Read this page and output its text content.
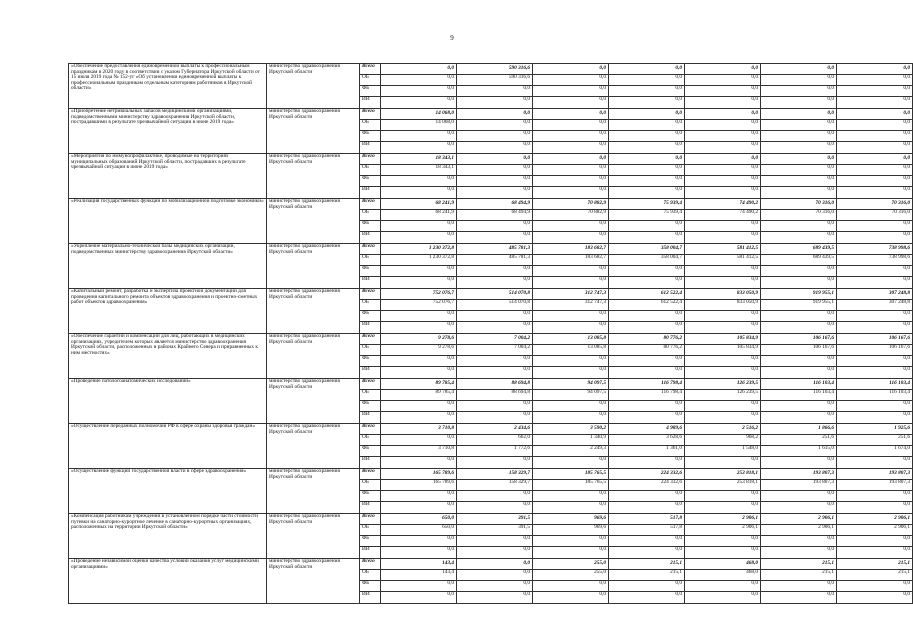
9
«Обеспечение предоставления единовременной выплаты к профессиональным праздникам в 2020 году в соответствии с указом Губернатора Иркутской области от 15 июля 2019 года № 152-уг «Об установлении единовременной выплаты к профессиональным праздникам отдельным категориям работников в Иркутской области»	министерство здравоохранения Иркутской области	Всего	0,0	590 316,6	0,0	0,0	0,0	0,0	0,0
		ОБ	0,0	590 316,6	0,0	0,0	0,0	0,0	0,0
		ФБ	0,0	0,0	0,0	0,0	0,0	0,0	0,0
		ИИ	0,0	0,0	0,0	0,0	0,0	0,0	0,0
«Приобретение нетривиальных запасов медицинскими организациями, подведомственными министерству здравоохранения Иркутской области, пострадавшими в результате чрезвычайной ситуации в июне 2019 года»	министерство здравоохранения Иркутской области	Всего	14 068,0	0,0	0,0	0,0	0,0	0,0	0,0
		ОБ	14 068,0	0,0	0,0	0,0	0,0	0,0	0,0
		ФБ	0,0	0,0	0,0	0,0	0,0	0,0	0,0
		ИИ	0,0	0,0	0,0	0,0	0,0	0,0	0,0
«Мероприятия по иммунопрофилактике, проводимые на территориях муниципальных образований Иркутской области, пострадавших в результате чрезвычайной ситуации в июне 2019 года»	министерство здравоохранения Иркутской области	Всего	18 343,1	0,0	0,0	0,0	0,0	0,0	0,0
		ОБ	18 343,1	0,0	0,0	0,0	0,0	0,0	0,0
		ФБ	0,0	0,0	0,0	0,0	0,0	0,0	0,0
		ИИ	0,0	0,0	0,0	0,0	0,0	0,0	0,0
«Реализация государственных функций по мобилизационной подготовке экономики»	министерство здравоохранения Иркутской области	Всего	68 241,9	68 494,9	70 882,9	75 939,4	74 490,2	70 316,0	70 316,0
		ОБ	68 241,9	68 494,9	70 882,9	75 939,4	74 490,2	70 316,0	70 316,0
		ФБ	0,0	0,0	0,0	0,0	0,0	0,0	0,0
		ИИ	0,0	0,0	0,0	0,0	0,0	0,0	0,0
«Укрепление материально-технической базы медицинских организаций, подведомственных министерству здравоохранения Иркутской области»	министерство здравоохранения Иркутской области	Всего	1 230 372,8	485 781,3	183 682,7	358 004,7	581 412,5	689 439,5	738 998,6
		ОБ	1 230 372,8	485 781,3	183 682,7	358 004,7	581 412,5	689 439,5	738 998,6
		ФБ	0,0	0,0	0,0	0,0	0,0	0,0	0,0
		ИИ	0,0	0,0	0,0	0,0	0,0	0,0	0,0
«Капитальный ремонт, разработка и экспертиза проектной документации для проведения капитального ремонта объектов здравоохранения и проектно-сметных работ объектов здравоохранения»	министерство здравоохранения Иркутской области	Всего	752 076,7	514 070,8	312 747,3	612 522,4	833 050,9	919 955,1	307 248,8
		ОБ	752 076,7	514 070,8	312 747,3	612 522,4	833 050,9	919 955,1	307 248,8
		ФБ	0,0	0,0	0,0	0,0	0,0	0,0	0,0
		ИИ	0,0	0,0	0,0	0,0	0,0	0,0	0,0
«Обеспечение гарантий и компенсаций для лиц, работающих в медицинских организациях, учредителем которых является министерство здравоохранения Иркутской области, расположенных в районах Крайнего Севера и приравненных к ним местностях»	министерство здравоохранения Иркутской области	Всего	9 278,6	7 004,2	13 085,8	80 776,2	105 834,9	106 167,6	106 167,6
		ОБ	9 278,6	7 004,2	13 085,8	80 776,2	105 834,9	106 167,6	106 167,6
		ФБ	0,0	0,0	0,0	0,0	0,0	0,0	0,0
		ИИ	0,0	0,0	0,0	0,0	0,0	0,0	0,0
«Проведение патологоанатомических исследований»	министерство здравоохранения Иркутской области	Всего	89 785,4	88 694,8	94 097,5	116 798,4	126 239,5	116 103,4	116 103,4
		ОБ	89 785,4	88 694,8	94 097,5	116 798,4	126 239,5	116 103,4	116 103,4
		ФБ	0,0	0,0	0,0	0,0	0,0	0,0	0,0
		ИИ	0,0	0,0	0,0	0,0	0,0	0,0	0,0
«Осуществление переданных полномочий РФ в сфере охраны здоровья граждан»	министерство здравоохранения Иркутской области	Всего	3 710,8	2 434,6	3 590,2	4 989,6	2 516,2	1 866,6	1 925,6
		ОБ	0,0	662,0	1 340,9	3 628,6	968,2	251,6	251,6
		ФБ	3 710,8	1 772,6	2 249,3	1 361,0	1 548,0	1 615,0	1 674,0
		ИИ	0,0	0,0	0,0	0,0	0,0	0,0	0,0
«Осуществление функций государственной власти в сфере здравоохранения»	министерство здравоохранения Иркутской области	Всего	165 789,6	158 329,7	185 765,5	224 332,6	253 818,1	193 807,3	193 807,3
		ОБ	165 789,6	158 329,7	185 765,5	224 332,6	253 818,1	193 807,3	193 807,3
		ФБ	0,0	0,0	0,0	0,0	0,0	0,0	0,0
		ИИ	0,0	0,0	0,0	0,0	0,0	0,0	0,0
«Компенсация работникам учреждений в установленном порядке части стоимости путевки на санаторно-курортное лечение в санаторно-курортных организациях, расположенных на территории Иркутской области»	министерство здравоохранения Иркутской области	Всего	650,0	391,5	969,6	517,8	2 906,1	2 906,1	2 906,1
		ОБ	650,0	391,5	969,6	517,8	2 906,1	2 906,1	2 906,1
		ФБ	0,0	0,0	0,0	0,0	0,0	0,0	0,0
		ИИ	0,0	0,0	0,0	0,0	0,0	0,0	0,0
«Проведение независимой оценки качества условий оказания услуг медицинскими организациями»	министерство здравоохранения Иркутской области	Всего	143,4	0,0	255,0	215,1	468,0	215,1	215,1
		ОБ	143,4	0,0	255,0	215,1	468,0	215,1	215,1
		ФБ	0,0	0,0	0,0	0,0	0,0	0,0	0,0
		ИИ	0,0	0,0	0,0	0,0	0,0	0,0	0,0
